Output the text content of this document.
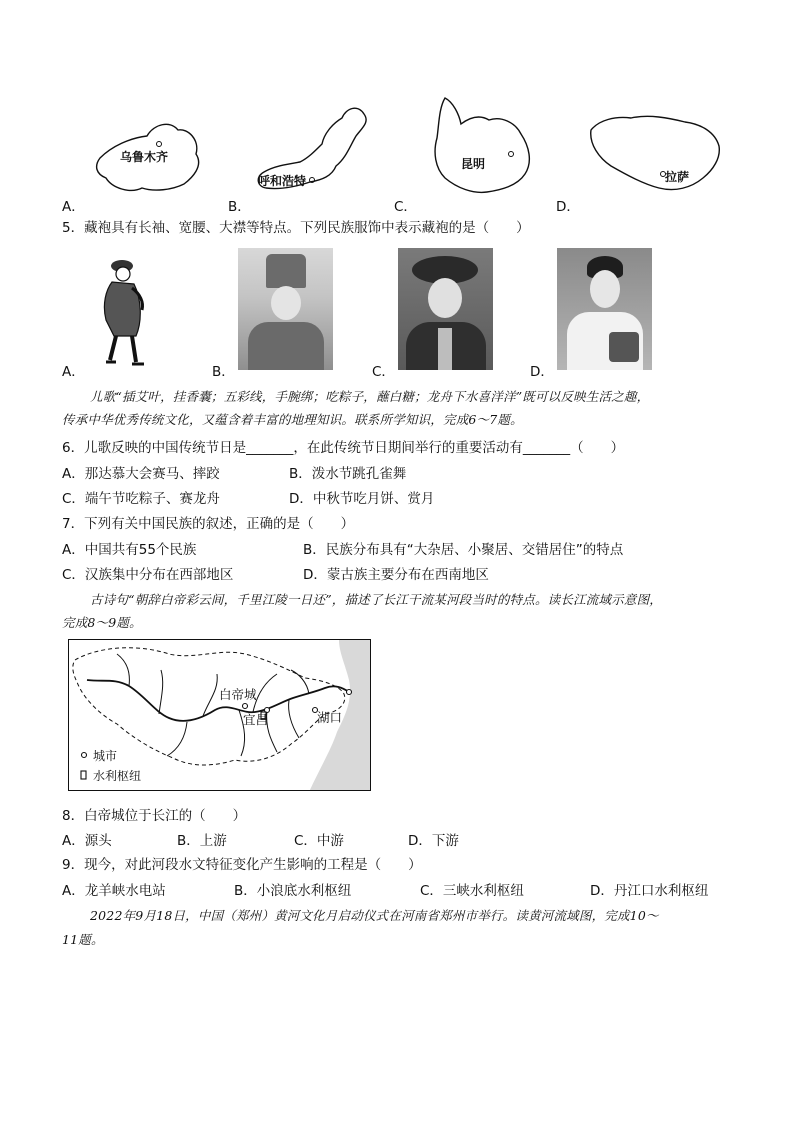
乌鲁木齐
A．
呼和浩特
B．
昆明
C．
拉萨
D．
5．藏袍具有长袖、宽腰、大襟等特点。下列民族服饰中表示藏袍的是（　　）
A．	B．	C．	D．
儿歌“插艾叶，挂香囊；五彩线，手腕绑；吃粽子，蘸白糖；龙舟下水喜洋洋”既可以反映生活之趣，
传承中华优秀传统文化，又蕴含着丰富的地理知识。联系所学知识，完成6～7题。
6．儿歌反映的中国传统节日是_______，在此传统节日期间举行的重要活动有_______（　　）
A．那达慕大会赛马、摔跤	B．泼水节跳孔雀舞
C．端午节吃粽子、赛龙舟	D．中秋节吃月饼、赏月
7．下列有关中国民族的叙述，正确的是（　　）
A．中国共有55个民族	B．民族分布具有“大杂居、小聚居、交错居住”的特点
C．汉族集中分布在西部地区	D．蒙古族主要分布在西南地区
古诗句“朝辞白帝彩云间，千里江陵一日还”，描述了长江干流某河段当时的特点。读长江流域示意图，
完成8～9题。
白帝城
宜昌	湖口
城市
水利枢纽
8．白帝城位于长江的（　　）
A．源头	B．上游	C．中游	D．下游
9．现今，对此河段水文特征变化产生影响的工程是（　　）
A．龙羊峡水电站	B．小浪底水利枢纽	C．三峡水利枢纽	D．丹江口水利枢纽
2022年9月18日，中国（郑州）黄河文化月启动仪式在河南省郑州市举行。读黄河流域图，完成10～
11题。
